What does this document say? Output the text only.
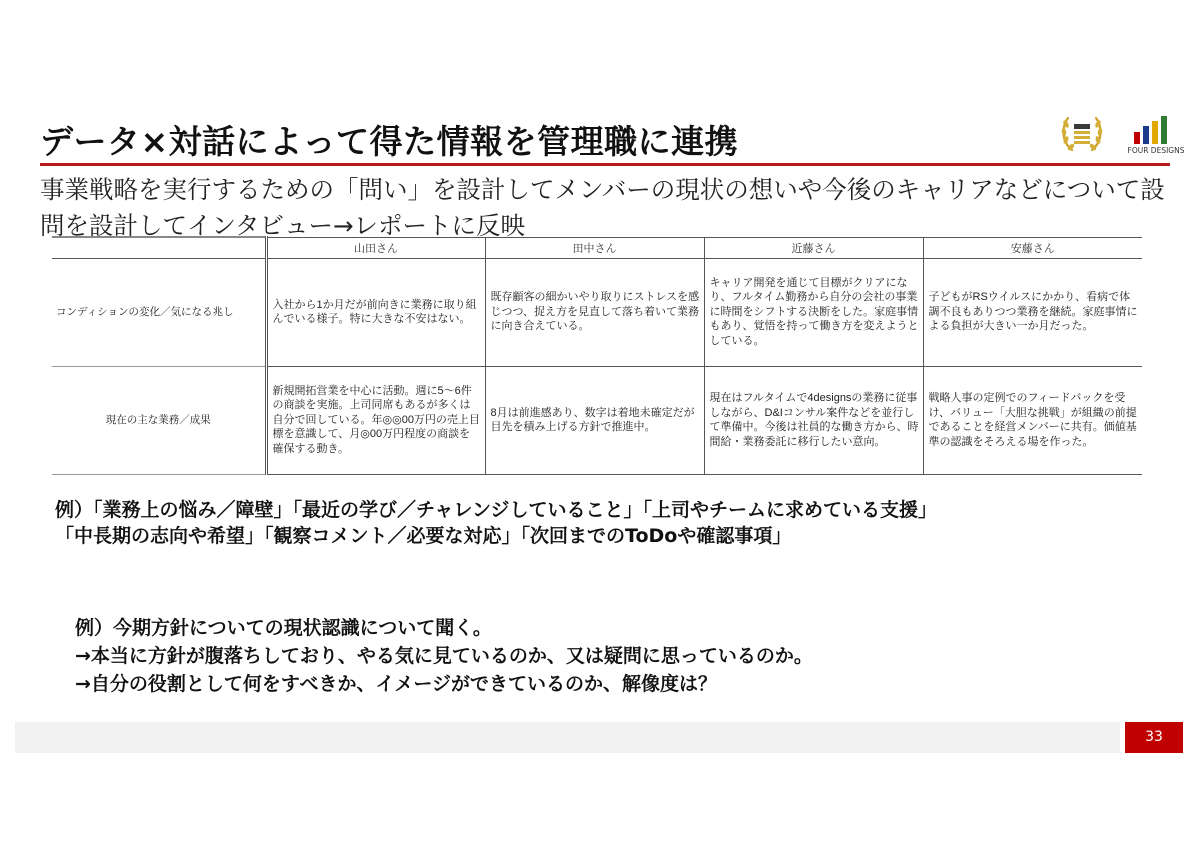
データ×対話によって得た情報を管理職に連携	FOUR DESIGNS
事業戦略を実行するための「問い」を設計してメンバーの現状の想いや今後のキャリアなどについて設問を設計してインタビュー→レポートに反映
	山田さん	田中さん	近藤さん	安藤さん
コンディションの変化／気になる兆し	入社から1か月だが前向きに業務に取り組んでいる様子。特に大きな不安はない。	既存顧客の細かいやり取りにストレスを感じつつ、捉え方を見直して落ち着いて業務に向き合えている。	キャリア開発を通じて目標がクリアになり、フルタイム勤務から自分の会社の事業に時間をシフトする決断をした。家庭事情もあり、覚悟を持って働き方を変えようとしている。	子どもがRSウイルスにかかり、看病で体調不良もありつつ業務を継続。家庭事情による負担が大きい一か月だった。
現在の主な業務／成果	新規開拓営業を中心に活動。週に5〜6件の商談を実施。上司同席もあるが多くは自分で回している。年◎◎00万円の売上目標を意識して、月◎00万円程度の商談を確保する動き。	8月は前進感あり、数字は着地未確定だが目先を積み上げる方針で推進中。	現在はフルタイムで4designsの業務に従事しながら、D&Iコンサル案件などを並行して準備中。今後は社員的な働き方から、時間給・業務委託に移行したい意向。	戦略人事の定例でのフィードバックを受け、バリュー「大胆な挑戦」が組織の前提であることを経営メンバーに共有。価値基準の認識をそろえる場を作った。
例）「業務上の悩み／障壁」「最近の学び／チャレンジしていること」「上司やチームに求めている支援」
「中長期の志向や希望」「観察コメント／必要な対応」「次回までのToDoや確認事項」
例）今期方針についての現状認識について聞く。
→本当に方針が腹落ちしており、やる気に見ているのか、又は疑問に思っているのか。
→自分の役割として何をすべきか、イメージができているのか、解像度は？
33
